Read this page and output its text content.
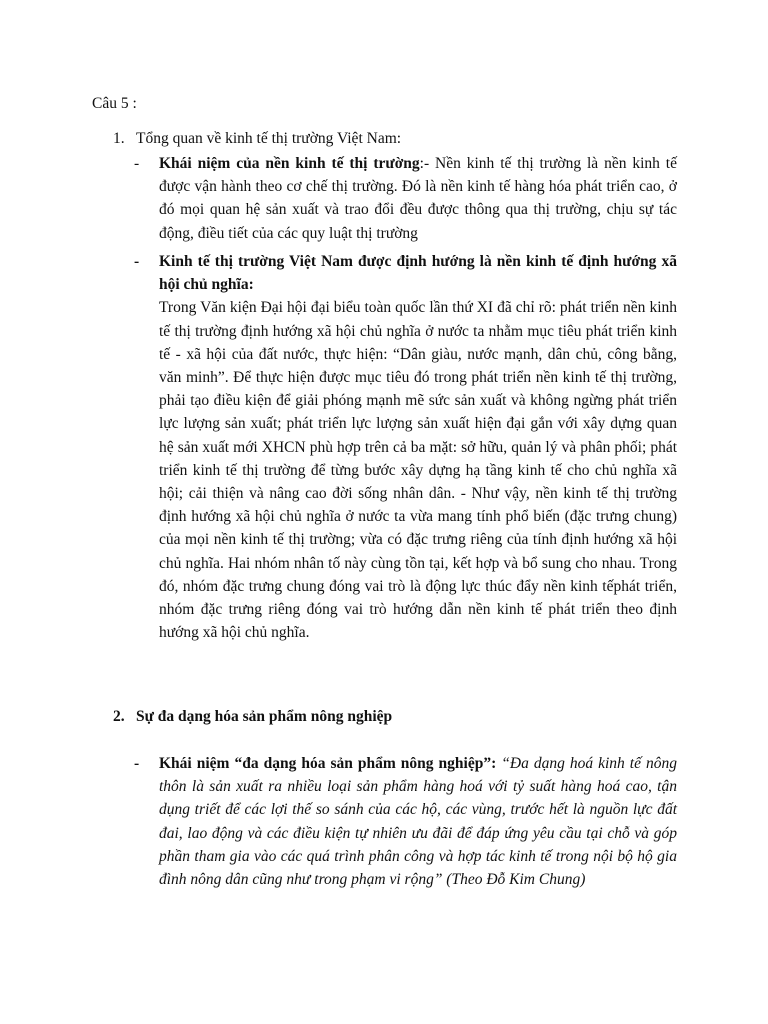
Câu 5 :
1. Tổng quan về kinh tế thị trường Việt Nam:
-	Khái niệm của nền kinh tế thị trường:- Nền kinh tế thị trường là nền kinh tế được vận hành theo cơ chế thị trường. Đó là nền kinh tế hàng hóa phát triển cao, ở đó mọi quan hệ sản xuất và trao đổi đều được thông qua thị trường, chịu sự tác động, điều tiết của các quy luật thị trường
-	Kinh tế thị trường Việt Nam được định hướng là nền kinh tế định hướng xã hội chủ nghĩa:
Trong Văn kiện Đại hội đại biểu toàn quốc lần thứ XI đã chỉ rõ: phát triển nền kinh tế thị trường định hướng xã hội chủ nghĩa ở nước ta nhằm mục tiêu phát triển kinh tế - xã hội của đất nước, thực hiện: “Dân giàu, nước mạnh, dân chủ, công bằng, văn minh”. Để thực hiện được mục tiêu đó trong phát triển nền kinh tế thị trường, phải tạo điều kiện để giải phóng mạnh mẽ sức sản xuất và không ngừng phát triển lực lượng sản xuất; phát triển lực lượng sản xuất hiện đại gắn với xây dựng quan hệ sản xuất mới XHCN phù hợp trên cả ba mặt: sở hữu, quản lý và phân phối; phát triển kinh tế thị trường để từng bước xây dựng hạ tầng kinh tế cho chủ nghĩa xã hội; cải thiện và nâng cao đời sống nhân dân. - Như vậy, nền kinh tế thị trường định hướng xã hội chủ nghĩa ở nước ta vừa mang tính phổ biến (đặc trưng chung) của mọi nền kinh tế thị trường; vừa có đặc trưng riêng của tính định hướng xã hội chủ nghĩa. Hai nhóm nhân tố này cùng tồn tại, kết hợp và bổ sung cho nhau. Trong đó, nhóm đặc trưng chung đóng vai trò là động lực thúc đẩy nền kinh tếphát triển, nhóm đặc trưng riêng đóng vai trò hướng dẫn nền kinh tế phát triển theo định hướng xã hội chủ nghĩa.
2. Sự đa dạng hóa sản phẩm nông nghiệp
-	Khái niệm “đa dạng hóa sản phẩm nông nghiệp”: “Đa dạng hoá kinh tế nông thôn là sản xuất ra nhiều loại sản phẩm hàng hoá với tỷ suất hàng hoá cao, tận dụng triết để các lợi thế so sánh của các hộ, các vùng, trước hết là nguồn lực đất đai, lao động và các điều kiện tự nhiên ưu đãi để đáp ứng yêu cầu tại chỗ và góp phần tham gia vào các quá trình phân công và hợp tác kinh tế trong nội bộ hộ gia đình nông dân cũng như trong phạm vi rộng” (Theo Đỗ Kim Chung)
